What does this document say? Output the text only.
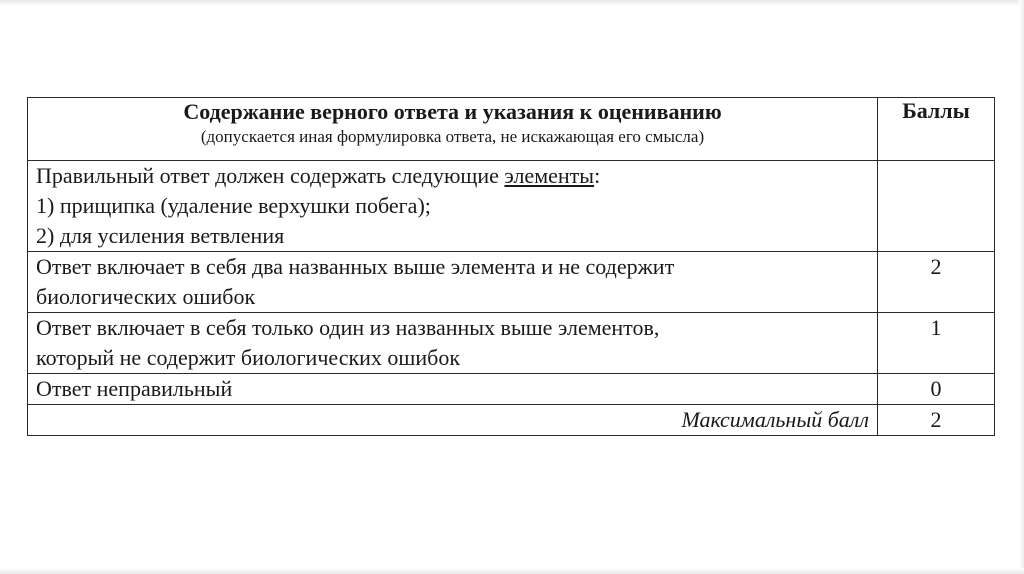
Содержание верного ответа и указания к оцениванию
(допускается иная формулировка ответа, не искажающая его смысла)	Баллы

Правильный ответ должен содержать следующие элементы:
1) прищипка (удаление верхушки побега);
2) для усиления ветвления	

Ответ включает в себя два названных выше элемента и не содержит
биологических ошибок	2

Ответ включает в себя только один из названных выше элементов,
который не содержит биологических ошибок	1

Ответ неправильный	0
Максимальный балл	2
